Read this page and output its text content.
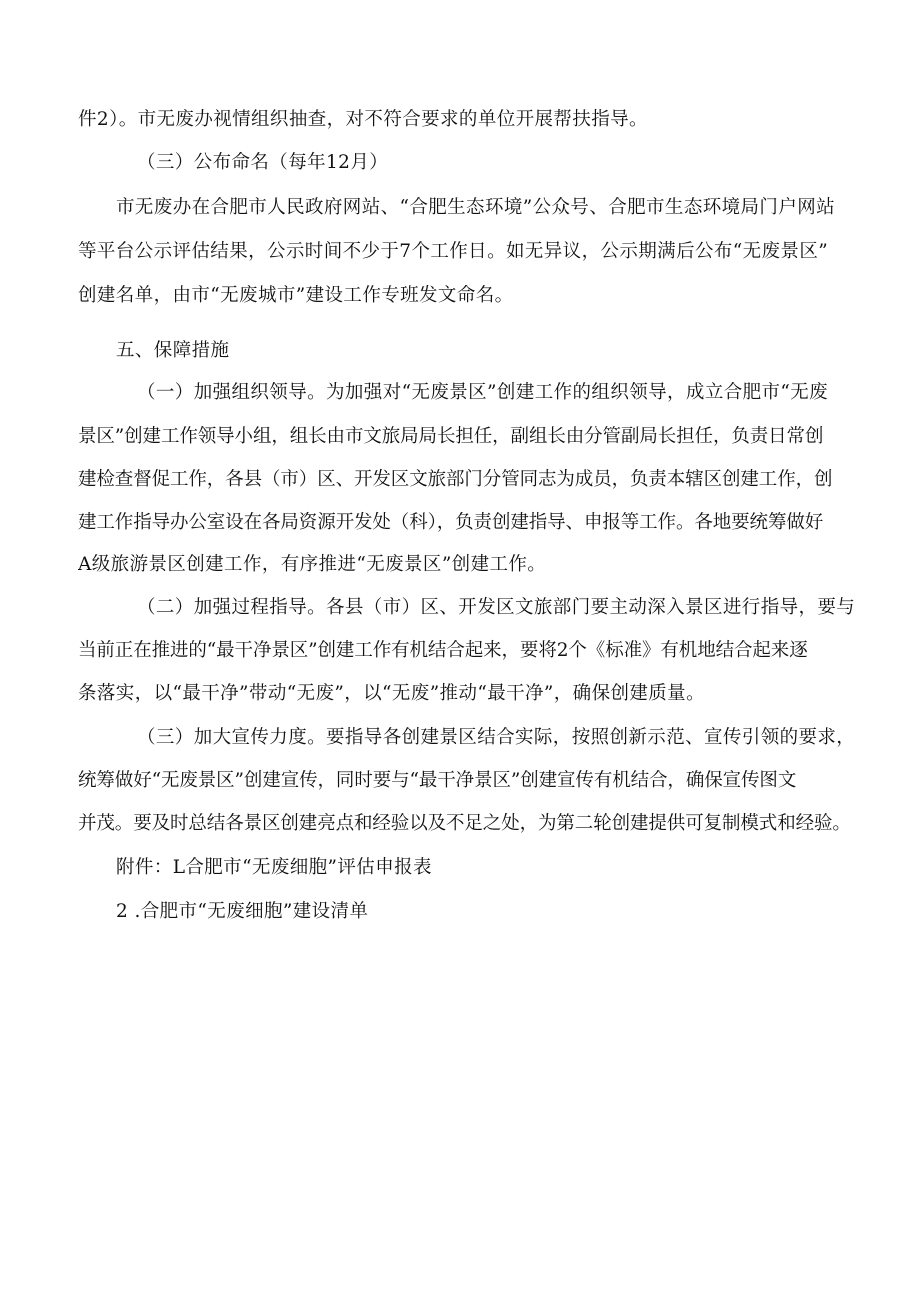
件2）。市无废办视情组织抽查，对不符合要求的单位开展帮扶指导。
（三）公布命名（每年12月）
市无废办在合肥市人民政府网站、“合肥生态环境”公众号、合肥市生态环境局门户网站
等平台公示评估结果，公示时间不少于7个工作日。如无异议，公示期满后公布“无废景区”
创建名单，由市“无废城市”建设工作专班发文命名。
五、保障措施
（一）加强组织领导。为加强对“无废景区”创建工作的组织领导，成立合肥市“无废
景区”创建工作领导小组，组长由市文旅局局长担任，副组长由分管副局长担任，负责日常创
建检查督促工作，各县（市）区、开发区文旅部门分管同志为成员，负责本辖区创建工作，创
建工作指导办公室设在各局资源开发处（科），负责创建指导、申报等工作。各地要统筹做好
A级旅游景区创建工作，有序推进“无废景区”创建工作。
（二）加强过程指导。各县（市）区、开发区文旅部门要主动深入景区进行指导，要与
当前正在推进的“最干净景区”创建工作有机结合起来，要将2个《标准》有机地结合起来逐
条落实，以“最干净”带动“无废”，以“无废”推动“最干净”，确保创建质量。
（三）加大宣传力度。要指导各创建景区结合实际，按照创新示范、宣传引领的要求，
统筹做好“无废景区”创建宣传，同时要与“最干净景区”创建宣传有机结合，确保宣传图文
并茂。要及时总结各景区创建亮点和经验以及不足之处，为第二轮创建提供可复制模式和经验。
附件：L合肥市“无废细胞”评估申报表
2 .合肥市“无废细胞”建设清单
